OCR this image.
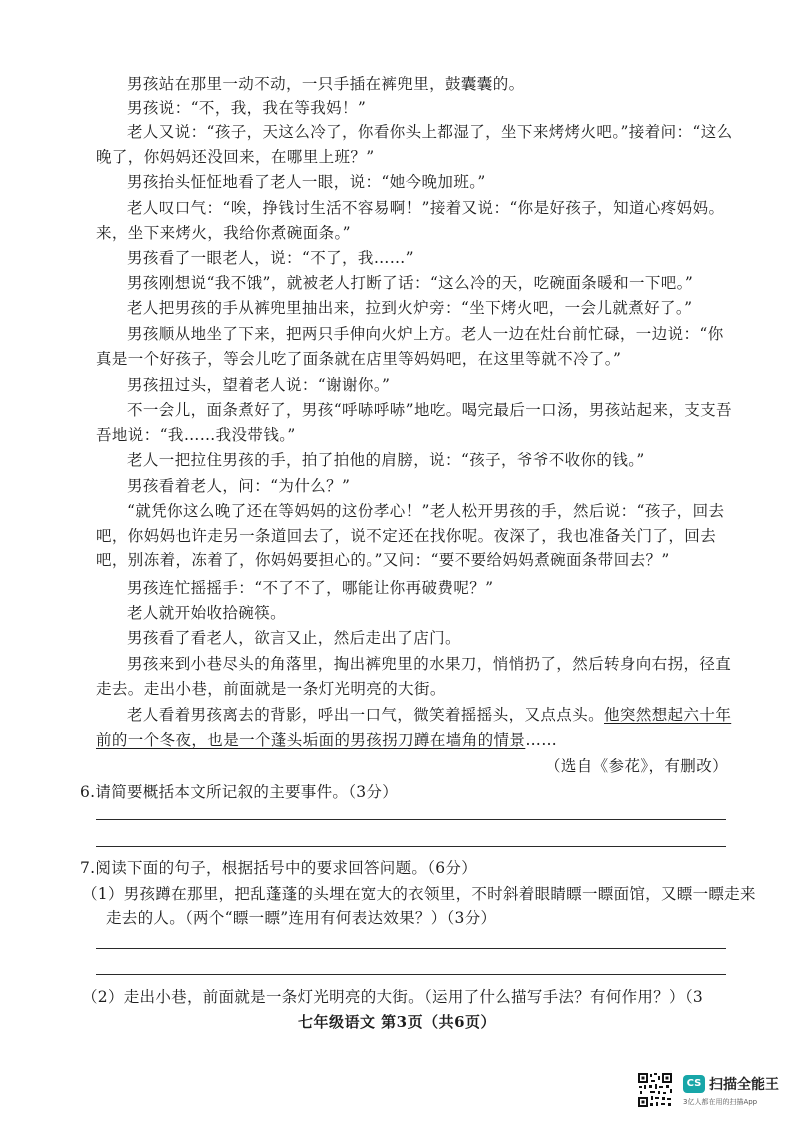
男孩站在那里一动不动，一只手插在裤兜里，鼓囊囊的。
男孩说：“不，我，我在等我妈！”
老人又说：“孩子，天这么冷了，你看你头上都湿了，坐下来烤烤火吧。”接着问：“这么晚了，你妈妈还没回来，在哪里上班？”
男孩抬头怔怔地看了老人一眼，说：“她今晚加班。”
老人叹口气：“唉，挣钱讨生活不容易啊！”接着又说：“你是好孩子，知道心疼妈妈。来，坐下来烤火，我给你煮碗面条。”
男孩看了一眼老人，说：“不了，我……”
男孩刚想说“我不饿”，就被老人打断了话：“这么冷的天，吃碗面条暖和一下吧。”
老人把男孩的手从裤兜里抽出来，拉到火炉旁：“坐下烤火吧，一会儿就煮好了。”
男孩顺从地坐了下来，把两只手伸向火炉上方。老人一边在灶台前忙碌，一边说：“你真是一个好孩子，等会儿吃了面条就在店里等妈妈吧，在这里等就不冷了。”
男孩扭过头，望着老人说：“谢谢你。”
不一会儿，面条煮好了，男孩“呼哧呼哧”地吃。喝完最后一口汤，男孩站起来，支支吾吾地说：“我……我没带钱。”
老人一把拉住男孩的手，拍了拍他的肩膀，说：“孩子，爷爷不收你的钱。”
男孩看着老人，问：“为什么？”
“就凭你这么晚了还在等妈妈的这份孝心！”老人松开男孩的手，然后说：“孩子，回去吧，你妈妈也许走另一条道回去了，说不定还在找你呢。夜深了，我也准备关门了，回去吧，别冻着，冻着了，你妈妈要担心的。”又问：“要不要给妈妈煮碗面条带回去？”
男孩连忙摇摇手：“不了不了，哪能让你再破费呢？”
老人就开始收拾碗筷。
男孩看了看老人，欲言又止，然后走出了店门。
男孩来到小巷尽头的角落里，掏出裤兜里的水果刀，悄悄扔了，然后转身向右拐，径直走去。走出小巷，前面就是一条灯光明亮的大街。
老人看着男孩离去的背影，呼出一口气，微笑着摇摇头，又点点头。他突然想起六十年前的一个冬夜，也是一个蓬头垢面的男孩拐刀蹲在墙角的情景……
（选自《参花》，有删改）
6.请简要概括本文所记叙的主要事件。（3分）
7.阅读下面的句子，根据括号中的要求回答问题。（6分）
（1）男孩蹲在那里，把乱蓬蓬的头埋在宽大的衣领里，不时斜着眼睛瞟一瞟面馆，又瞟一瞟走来
走去的人。（两个“瞟一瞟”连用有何表达效果？）（3分）
（2）走出小巷，前面就是一条灯光明亮的大街。（运用了什么描写手法？有何作用？）（3
七年级语文 第3页（共6页）
CS 扫描全能王
3亿人都在用的扫描App
